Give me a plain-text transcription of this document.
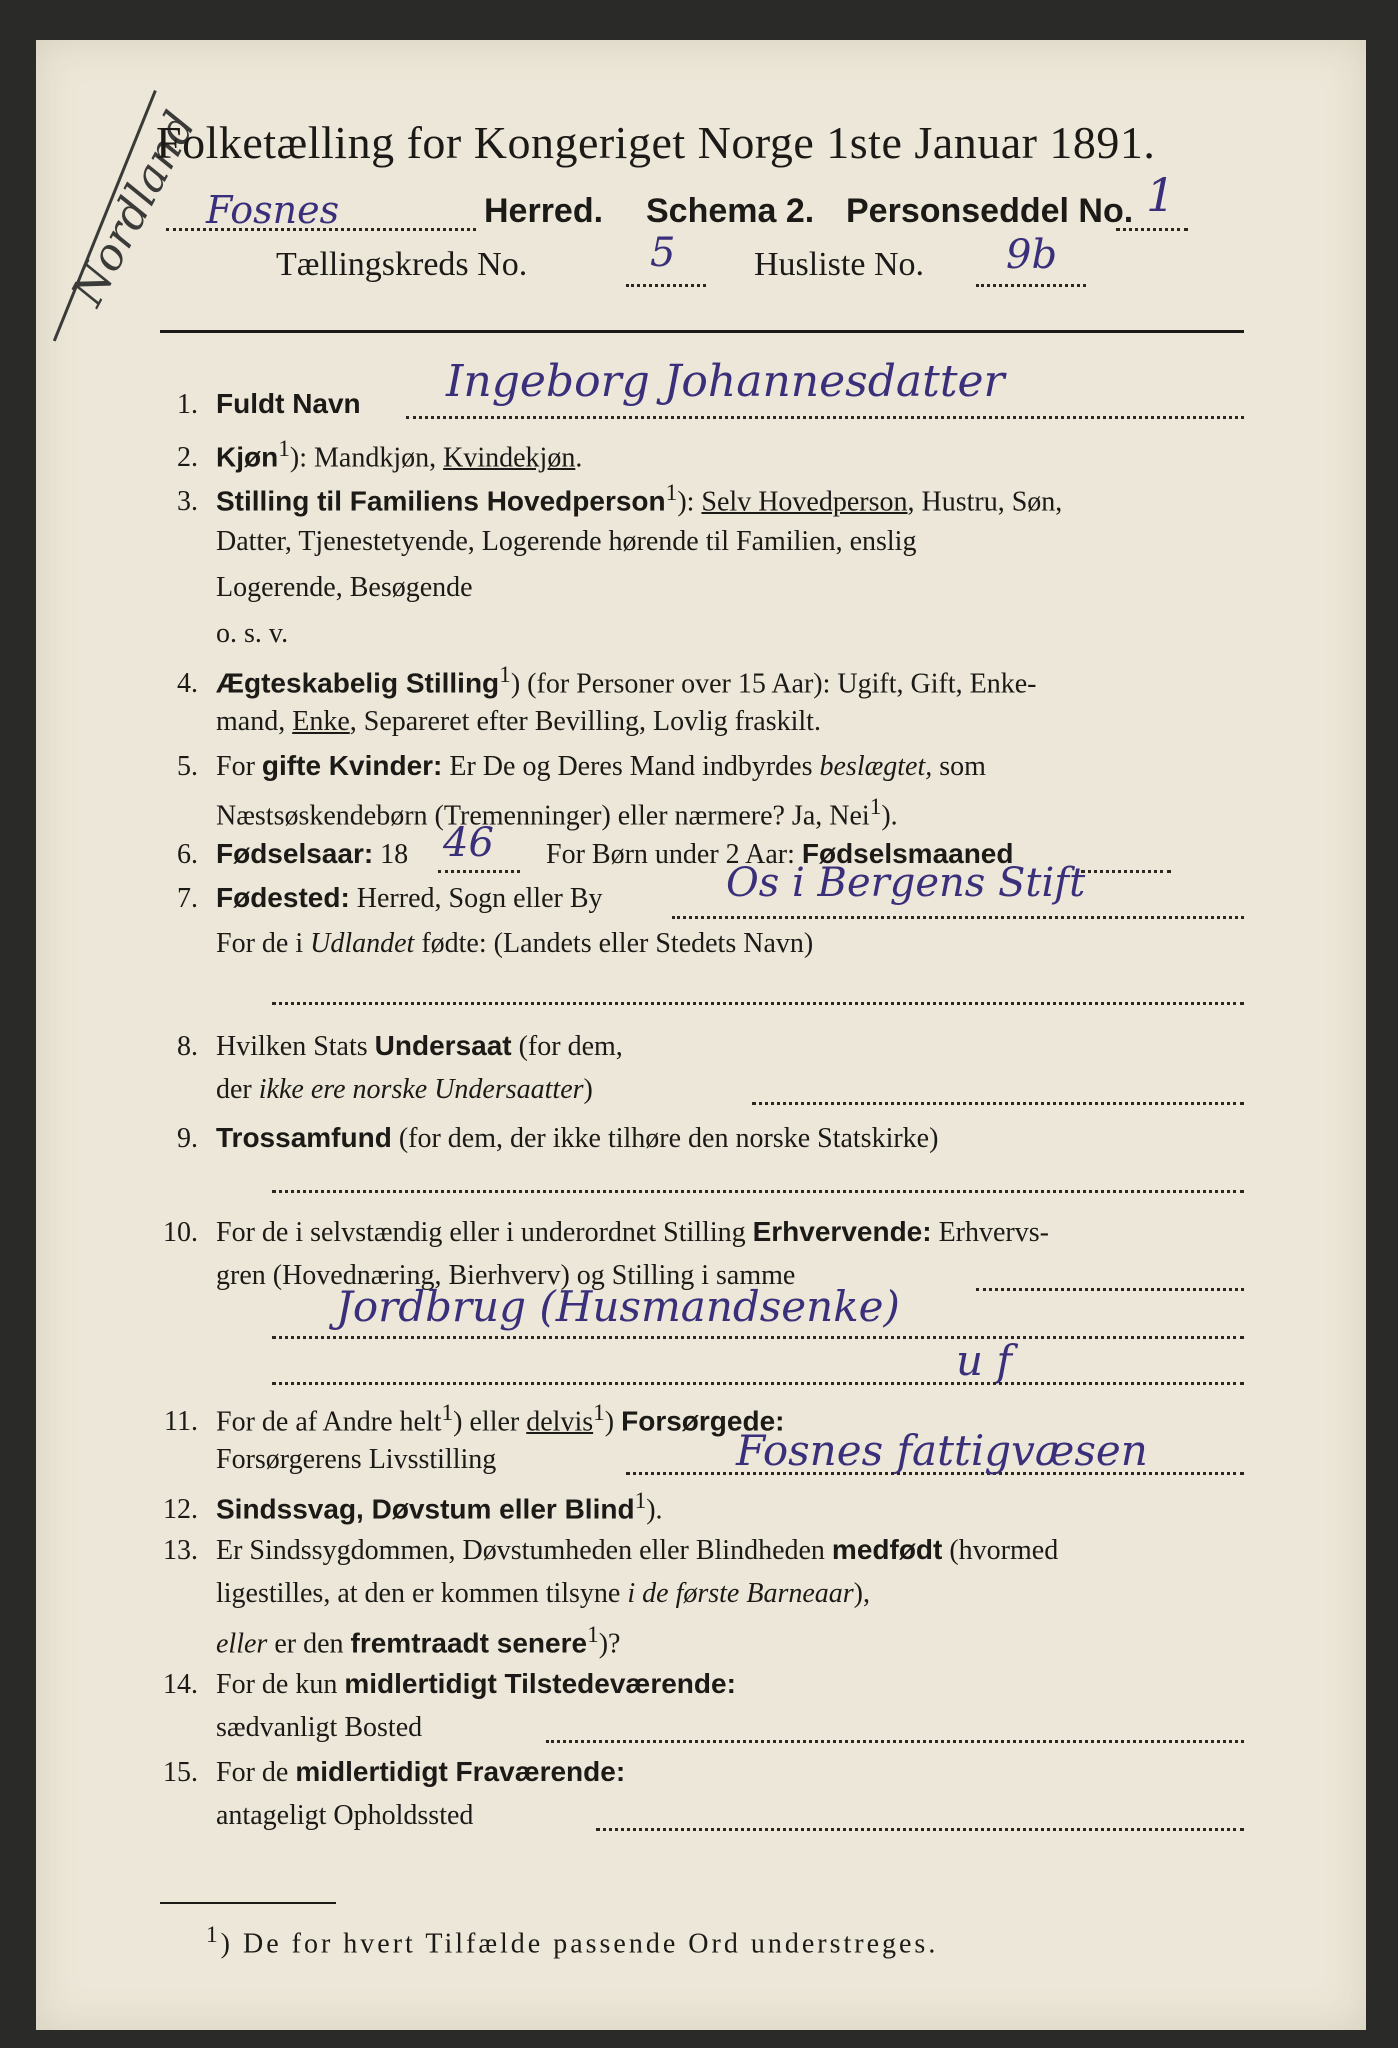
Nordland
Folketælling for Kongeriget Norge 1ste Januar 1891.
Fosnes	Herred. Schema 2. Personseddel No. 1
Tællingskreds No.	5 Husliste No. 9b
1. Fuldt Navn Ingeborg Johannesdatter
2. Kjøn$^1$): Mandkjøn, Kvindekjøn.
3. Stilling til Familiens Hovedperson$^1$): Selv Hovedperson, Hustru, Søn,
Datter, Tjenestetyende, Logerende hørende til Familien, enslig
Logerende, Besøgende
o. s. v.
4. Ægteskabelig Stilling$^1$) (for Personer over 15 Aar): Ugift, Gift, Enke-
mand, Enke, Separeret efter Bevilling, Lovlig fraskilt.
5. For gifte Kvinder: Er De og Deres Mand indbyrdes beslægtet, som
Næstsøskendebørn (Tremenninger) eller nærmere? Ja, Nei$^1$).
6. Fødselsaar: 18 46 For Børn under 2 Aar: Fødselsmaaned
7. Fødested: Herred, Sogn eller By	Os i Bergens Stift
For de i Udlandet fødte: (Landets eller Stedets Navn)
8. Hvilken Stats Undersaat (for dem,
der ikke ere norske Undersaatter)
9. Trossamfund (for dem, der ikke tilhøre den norske Statskirke)
10. For de i selvstændig eller i underordnet Stilling Erhvervende: Erhvervs-
gren (Hovednæring, Bierhverv) og Stilling i samme
Jordbrug (Husmandsenke)
u f
11. For de af Andre helt$^1$) eller delvis$^1$) Forsørgede:
Forsørgerens Livsstilling	Fosnes fattigvæsen
12. Sindssvag, Døvstum eller Blind$^1$).
13. Er Sindssygdommen, Døvstumheden eller Blindheden medfødt (hvormed
ligestilles, at den er kommen tilsyne i de første Barneaar),
eller er den fremtraadt senere$^1$)?
14. For de kun midlertidigt Tilstedeværende:
sædvanligt Bosted
15. For de midlertidigt Fraværende:
antageligt Opholdssted
$^1$) De for hvert Tilfælde passende Ord understreges.
